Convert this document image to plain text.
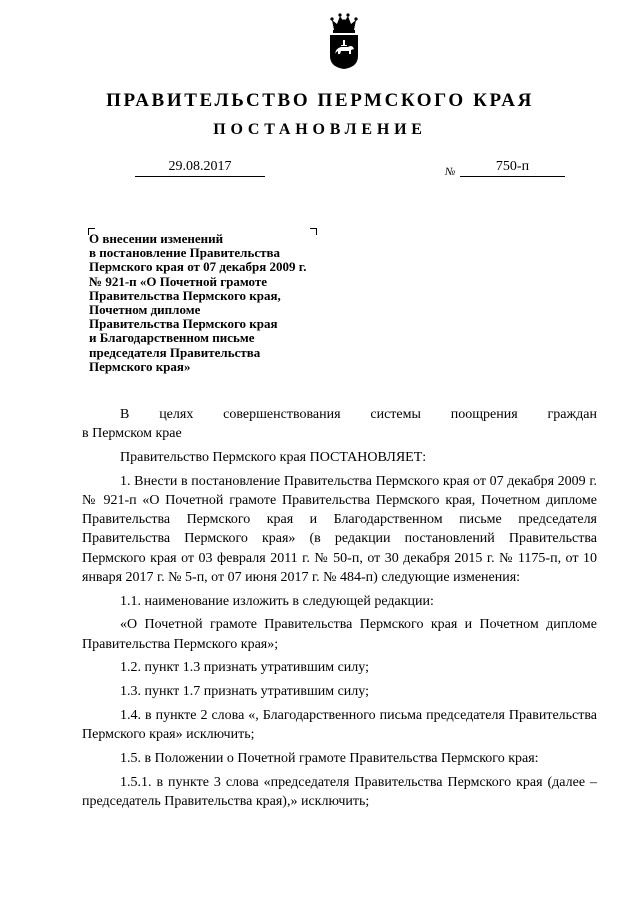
ПРАВИТЕЛЬСТВО ПЕРМСКОГО КРАЯ
ПОСТАНОВЛЕНИЕ
29.08.2017	№	750-п
О внесении изменений
в постановление Правительства
Пермского края от 07 декабря 2009 г.
№ 921-п «О Почетной грамоте
Правительства Пермского края,
Почетном дипломе
Правительства Пермского края
и Благодарственном письме
председателя Правительства
Пермского края»
В целях совершенствования системы поощрения граждан

в Пермском крае

Правительство Пермского края ПОСТАНОВЛЯЕТ:

1. Внести в постановление Правительства Пермского края от 07 декабря 2009 г. № 921-п «О Почетной грамоте Правительства Пермского края, Почетном дипломе Правительства Пермского края и Благодарственном письме председателя Правительства Пермского края» (в редакции постановлений Правительства Пермского края от 03 февраля 2011 г. № 50-п, от 30 декабря 2015 г. № 1175-п, от 10 января 2017 г. № 5-п, от 07 июня 2017 г. № 484-п) следующие изменения:

1.1. наименование изложить в следующей редакции:

«О Почетной грамоте Правительства Пермского края и Почетном дипломе Правительства Пермского края»;

1.2. пункт 1.3 признать утратившим силу;

1.3. пункт 1.7 признать утратившим силу;

1.4. в пункте 2 слова «, Благодарственного письма председателя Правительства Пермского края» исключить;

1.5. в Положении о Почетной грамоте Правительства Пермского края:

1.5.1. в пункте 3 слова «председателя Правительства Пермского края (далее – председатель Правительства края),» исключить;
